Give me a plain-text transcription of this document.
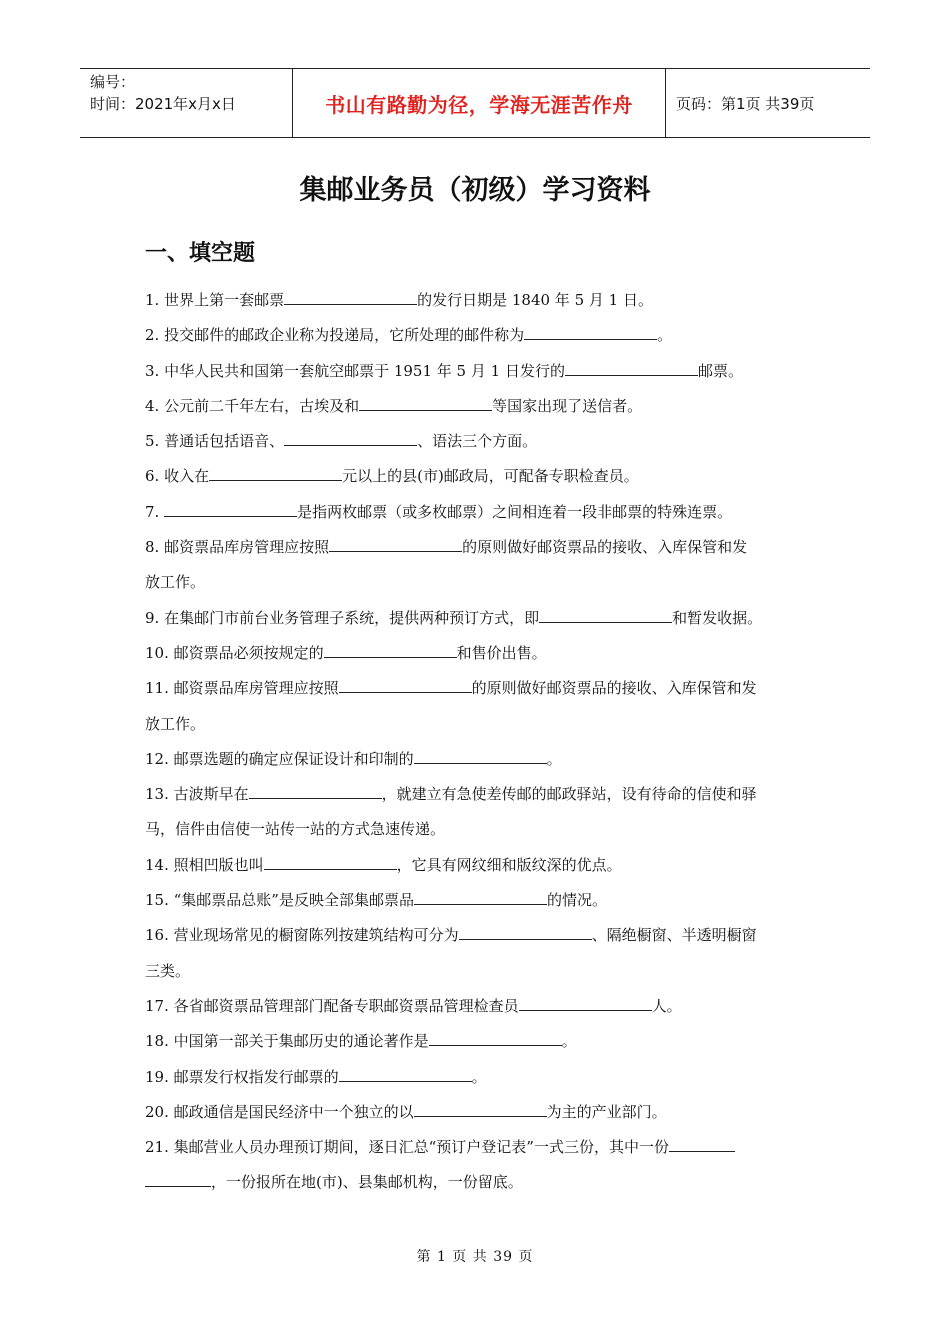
编号：
时间：2021年x月x日	书山有路勤为径，学海无涯苦作舟	页码：第1页 共39页
集邮业务员（初级）学习资料
一、填空题
1. 世界上第一套邮票	的发行日期是 1840 年 5 月 1 日。
2. 投交邮件的邮政企业称为投递局，它所处理的邮件称为	。
3. 中华人民共和国第一套航空邮票于 1951 年 5 月 1 日发行的	邮票。
4. 公元前二千年左右，古埃及和	等国家出现了送信者。
5. 普通话包括语音、	、语法三个方面。
6. 收入在	元以上的县(市)邮政局，可配备专职检查员。
7.	是指两枚邮票（或多枚邮票）之间相连着一段非邮票的特殊连票。
8. 邮资票品库房管理应按照	的原则做好邮资票品的接收、入库保管和发
放工作。
9. 在集邮门市前台业务管理子系统，提供两种预订方式，即	和暂发收据。
10. 邮资票品必须按规定的	和售价出售。
11. 邮资票品库房管理应按照	的原则做好邮资票品的接收、入库保管和发
放工作。
12. 邮票选题的确定应保证设计和印制的	。
13. 古波斯早在	，就建立有急使差传邮的邮政驿站，设有待命的信使和驿
马，信件由信使一站传一站的方式急速传递。
14. 照相凹版也叫	，它具有网纹细和版纹深的优点。
15. “集邮票品总账”是反映全部集邮票品	的情况。
16. 营业现场常见的橱窗陈列按建筑结构可分为	、隔绝橱窗、半透明橱窗
三类。
17. 各省邮资票品管理部门配备专职邮资票品管理检查员	人。
18. 中国第一部关于集邮历史的通论著作是	。
19. 邮票发行权指发行邮票的	。
20. 邮政通信是国民经济中一个独立的以	为主的产业部门。
21. 集邮营业人员办理预订期间，逐日汇总“预订户登记表”一式三份，其中一份
，一份报所在地(市)、县集邮机构，一份留底。
第 1 页 共 39 页
